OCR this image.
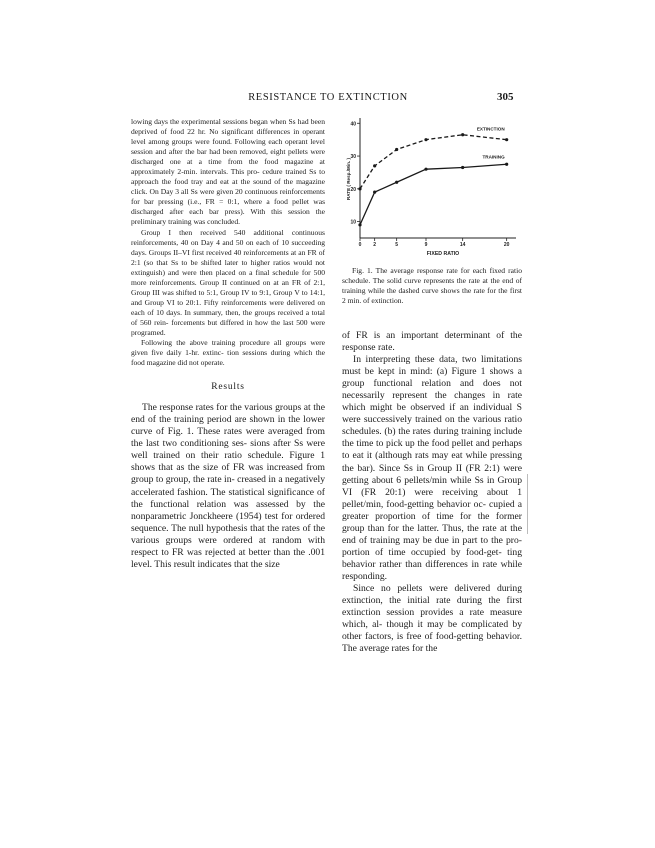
RESISTANCE TO EXTINCTION	305

lowing days the experimental sessions began when Ss had been deprived of food 22 hr. No significant differences in operant level among groups were found. Following each operant level session and after the bar had been removed, eight pellets were discharged one at a time from the food magazine at approximately 2-min. intervals. This pro- cedure trained Ss to approach the food tray and eat at the sound of the magazine click. On Day 3 all Ss were given 20 continuous reinforcements for bar pressing (i.e., FR = 0:1, where a food pellet was discharged after each bar press). With this session the preliminary training was concluded.

Group I then received 540 additional continuous reinforcements, 40 on Day 4 and 50 on each of 10 succeeding days. Groups II–VI first received 40 reinforcements at an FR of 2:1 (so that Ss to be shifted later to higher ratios would not extinguish) and were then placed on a final schedule for 500 more reinforcements. Group II continued on at an FR of 2:1, Group III was shifted to 5:1, Group IV to 9:1, Group V to 14:1, and Group VI to 20:1. Fifty reinforcements were delivered on each of 10 days. In summary, then, the groups received a total of 560 rein- forcements but differed in how the last 500 were programed.

Following the above training procedure all groups were given five daily 1-hr. extinc- tion sessions during which the food magazine did not operate.

Results

The response rates for the various groups at the end of the training period are shown in the lower curve of Fig. 1. These rates were averaged from the last two conditioning ses- sions after Ss were well trained on their ratio schedule. Figure 1 shows that as the size of FR was increased from group to group, the rate in- creased in a negatively accelerated fashion. The statistical significance of the functional relation was assessed by the nonparametric Jonckheere (1954) test for ordered sequence. The null hypothesis that the rates of the various groups were ordered at random with respect to FR was rejected at better than the .001 level. This result indicates that the size

10
20
30
40
0 2	5	9	14	20
FIXED RATIO
RATE ( Resp./Min. )
EXTINCTION
TRAINING

Fig. 1. The average response rate for each fixed ratio schedule. The solid curve represents the rate at the end of training while the dashed curve shows the rate for the first 2 min. of extinction.

of FR is an important determinant of the response rate.

In interpreting these data, two limitations must be kept in mind: (a) Figure 1 shows a group functional relation and does not necessarily represent the changes in rate which might be observed if an individual S were successively trained on the various ratio schedules. (b) the rates during training include the time to pick up the food pellet and perhaps to eat it (although rats may eat while pressing the bar). Since Ss in Group II (FR 2:1) were getting about 6 pellets/min while Ss in Group VI (FR 20:1) were receiving about 1 pellet/min, food-getting behavior oc- cupied a greater proportion of time for the former group than for the latter. Thus, the rate at the end of training may be due in part to the pro- portion of time occupied by food-get- ting behavior rather than differences in rate while responding.

Since no pellets were delivered during extinction, the initial rate during the first extinction session provides a rate measure which, al- though it may be complicated by other factors, is free of food-getting behavior. The average rates for the
